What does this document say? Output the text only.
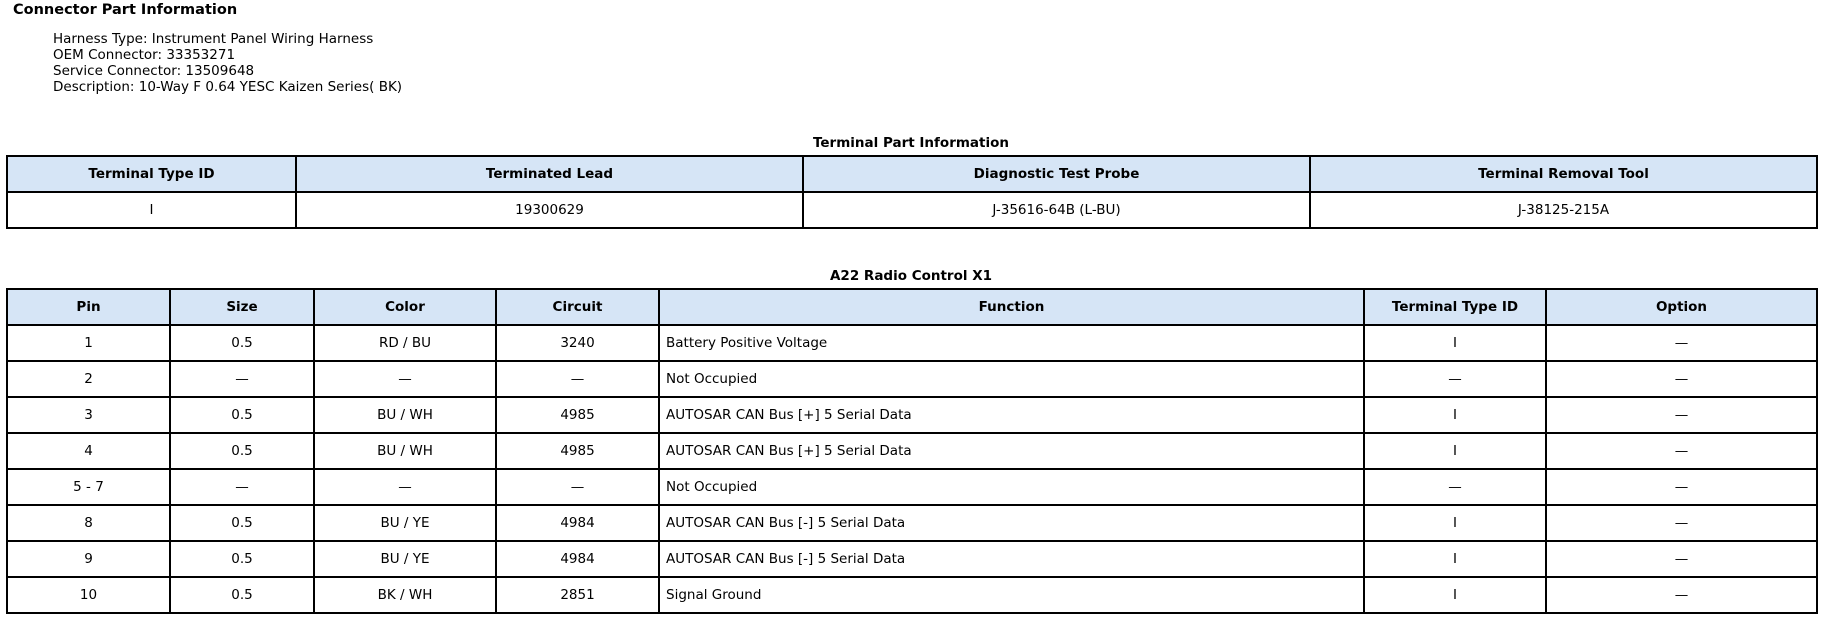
Connector Part Information
Harness Type: Instrument Panel Wiring Harness
OEM Connector: 33353271
Service Connector: 13509648
Description: 10-Way F 0.64 YESC Kaizen Series( BK)
Terminal Part Information
Terminal Type ID	Terminated Lead	Diagnostic Test Probe	Terminal Removal Tool
I	19300629	J-35616-64B (L-BU)	J-38125-215A
A22 Radio Control X1
Pin	Size	Color	Circuit	Function	Terminal Type ID	Option
1	0.5	RD / BU	3240	Battery Positive Voltage	I	—
2	—	—	—	Not Occupied	—	—
3	0.5	BU / WH	4985	AUTOSAR CAN Bus [+] 5 Serial Data	I	—
4	0.5	BU / WH	4985	AUTOSAR CAN Bus [+] 5 Serial Data	I	—
5 - 7	—	—	—	Not Occupied	—	—
8	0.5	BU / YE	4984	AUTOSAR CAN Bus [-] 5 Serial Data	I	—
9	0.5	BU / YE	4984	AUTOSAR CAN Bus [-] 5 Serial Data	I	—
10	0.5	BK / WH	2851	Signal Ground	I	—
